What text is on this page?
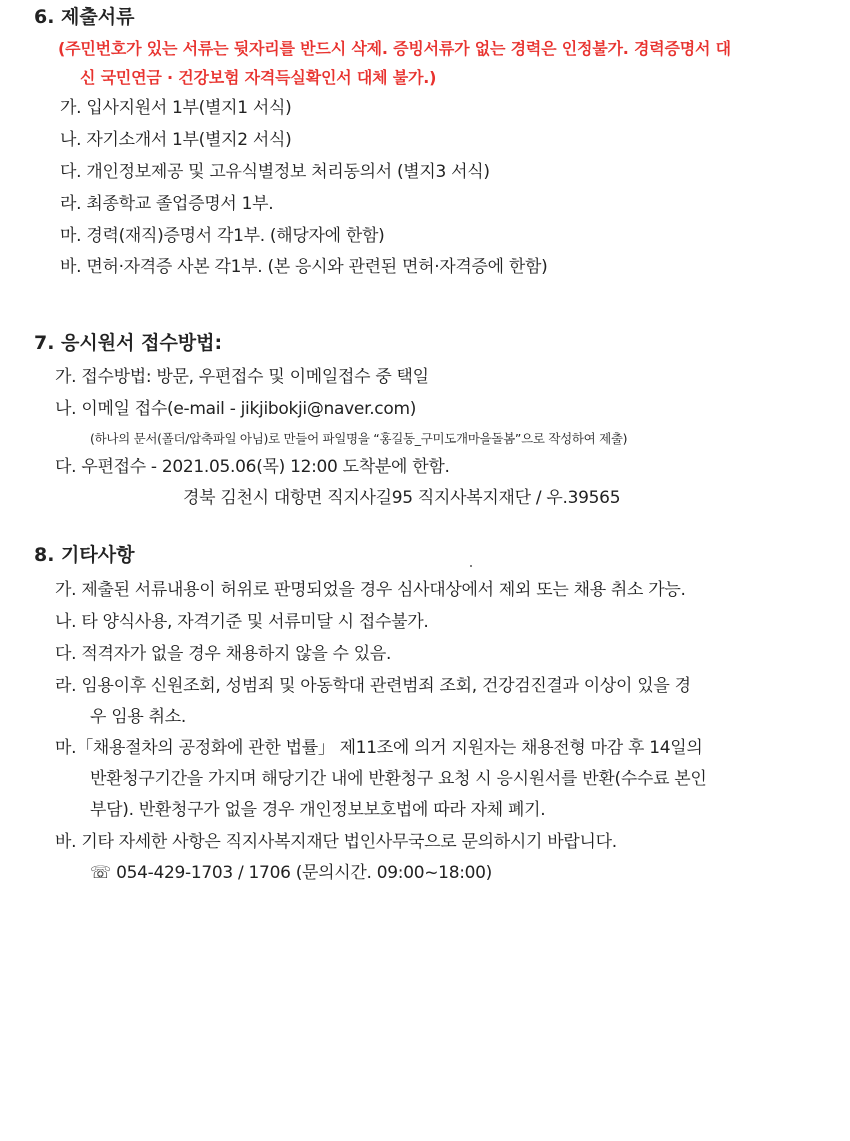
6. 제출서류
(주민번호가 있는 서류는 뒷자리를 반드시 삭제. 증빙서류가 없는 경력은 인정불가. 경력증명서 대
신 국민연금 · 건강보험 자격득실확인서 대체 불가.)
가. 입사지원서 1부(별지1 서식)
나. 자기소개서 1부(별지2 서식)
다. 개인정보제공 및 고유식별정보 처리동의서 (별지3 서식)
라. 최종학교 졸업증명서 1부.
마. 경력(재직)증명서 각1부. (해당자에 한함)
바. 면허·자격증 사본 각1부. (본 응시와 관련된 면허·자격증에 한함)
7. 응시원서 접수방법:
가. 접수방법: 방문, 우편접수 및 이메일접수 중 택일
나. 이메일 접수(e-mail - jikjibokji@naver.com)
(하나의 문서(폴더/압축파일 아님)로 만들어 파일명을 “홍길동_구미도개마을돌봄”으로 작성하여 제출)
다. 우편접수 - 2021.05.06(목) 12:00 도착분에 한함.
경북 김천시 대항면 직지사길95 직지사복지재단 / 우.39565
8. 기타사항
가. 제출된 서류내용이 허위로 판명되었을 경우 심사대상에서 제외 또는 채용 취소 가능.
나. 타 양식사용, 자격기준 및 서류미달 시 접수불가.
다. 적격자가 없을 경우 채용하지 않을 수 있음.
라. 임용이후 신원조회, 성범죄 및 아동학대 관련범죄 조회, 건강검진결과 이상이 있을 경
우 임용 취소.
마.「채용절차의 공정화에 관한 법률」 제11조에 의거 지원자는 채용전형 마감 후 14일의
반환청구기간을 가지며 해당기간 내에 반환청구 요청 시 응시원서를 반환(수수료 본인
부담). 반환청구가 없을 경우 개인정보보호법에 따라 자체 폐기.
바. 기타 자세한 사항은 직지사복지재단 법인사무국으로 문의하시기 바랍니다.
☏ 054-429-1703 / 1706 (문의시간. 09:00~18:00)
